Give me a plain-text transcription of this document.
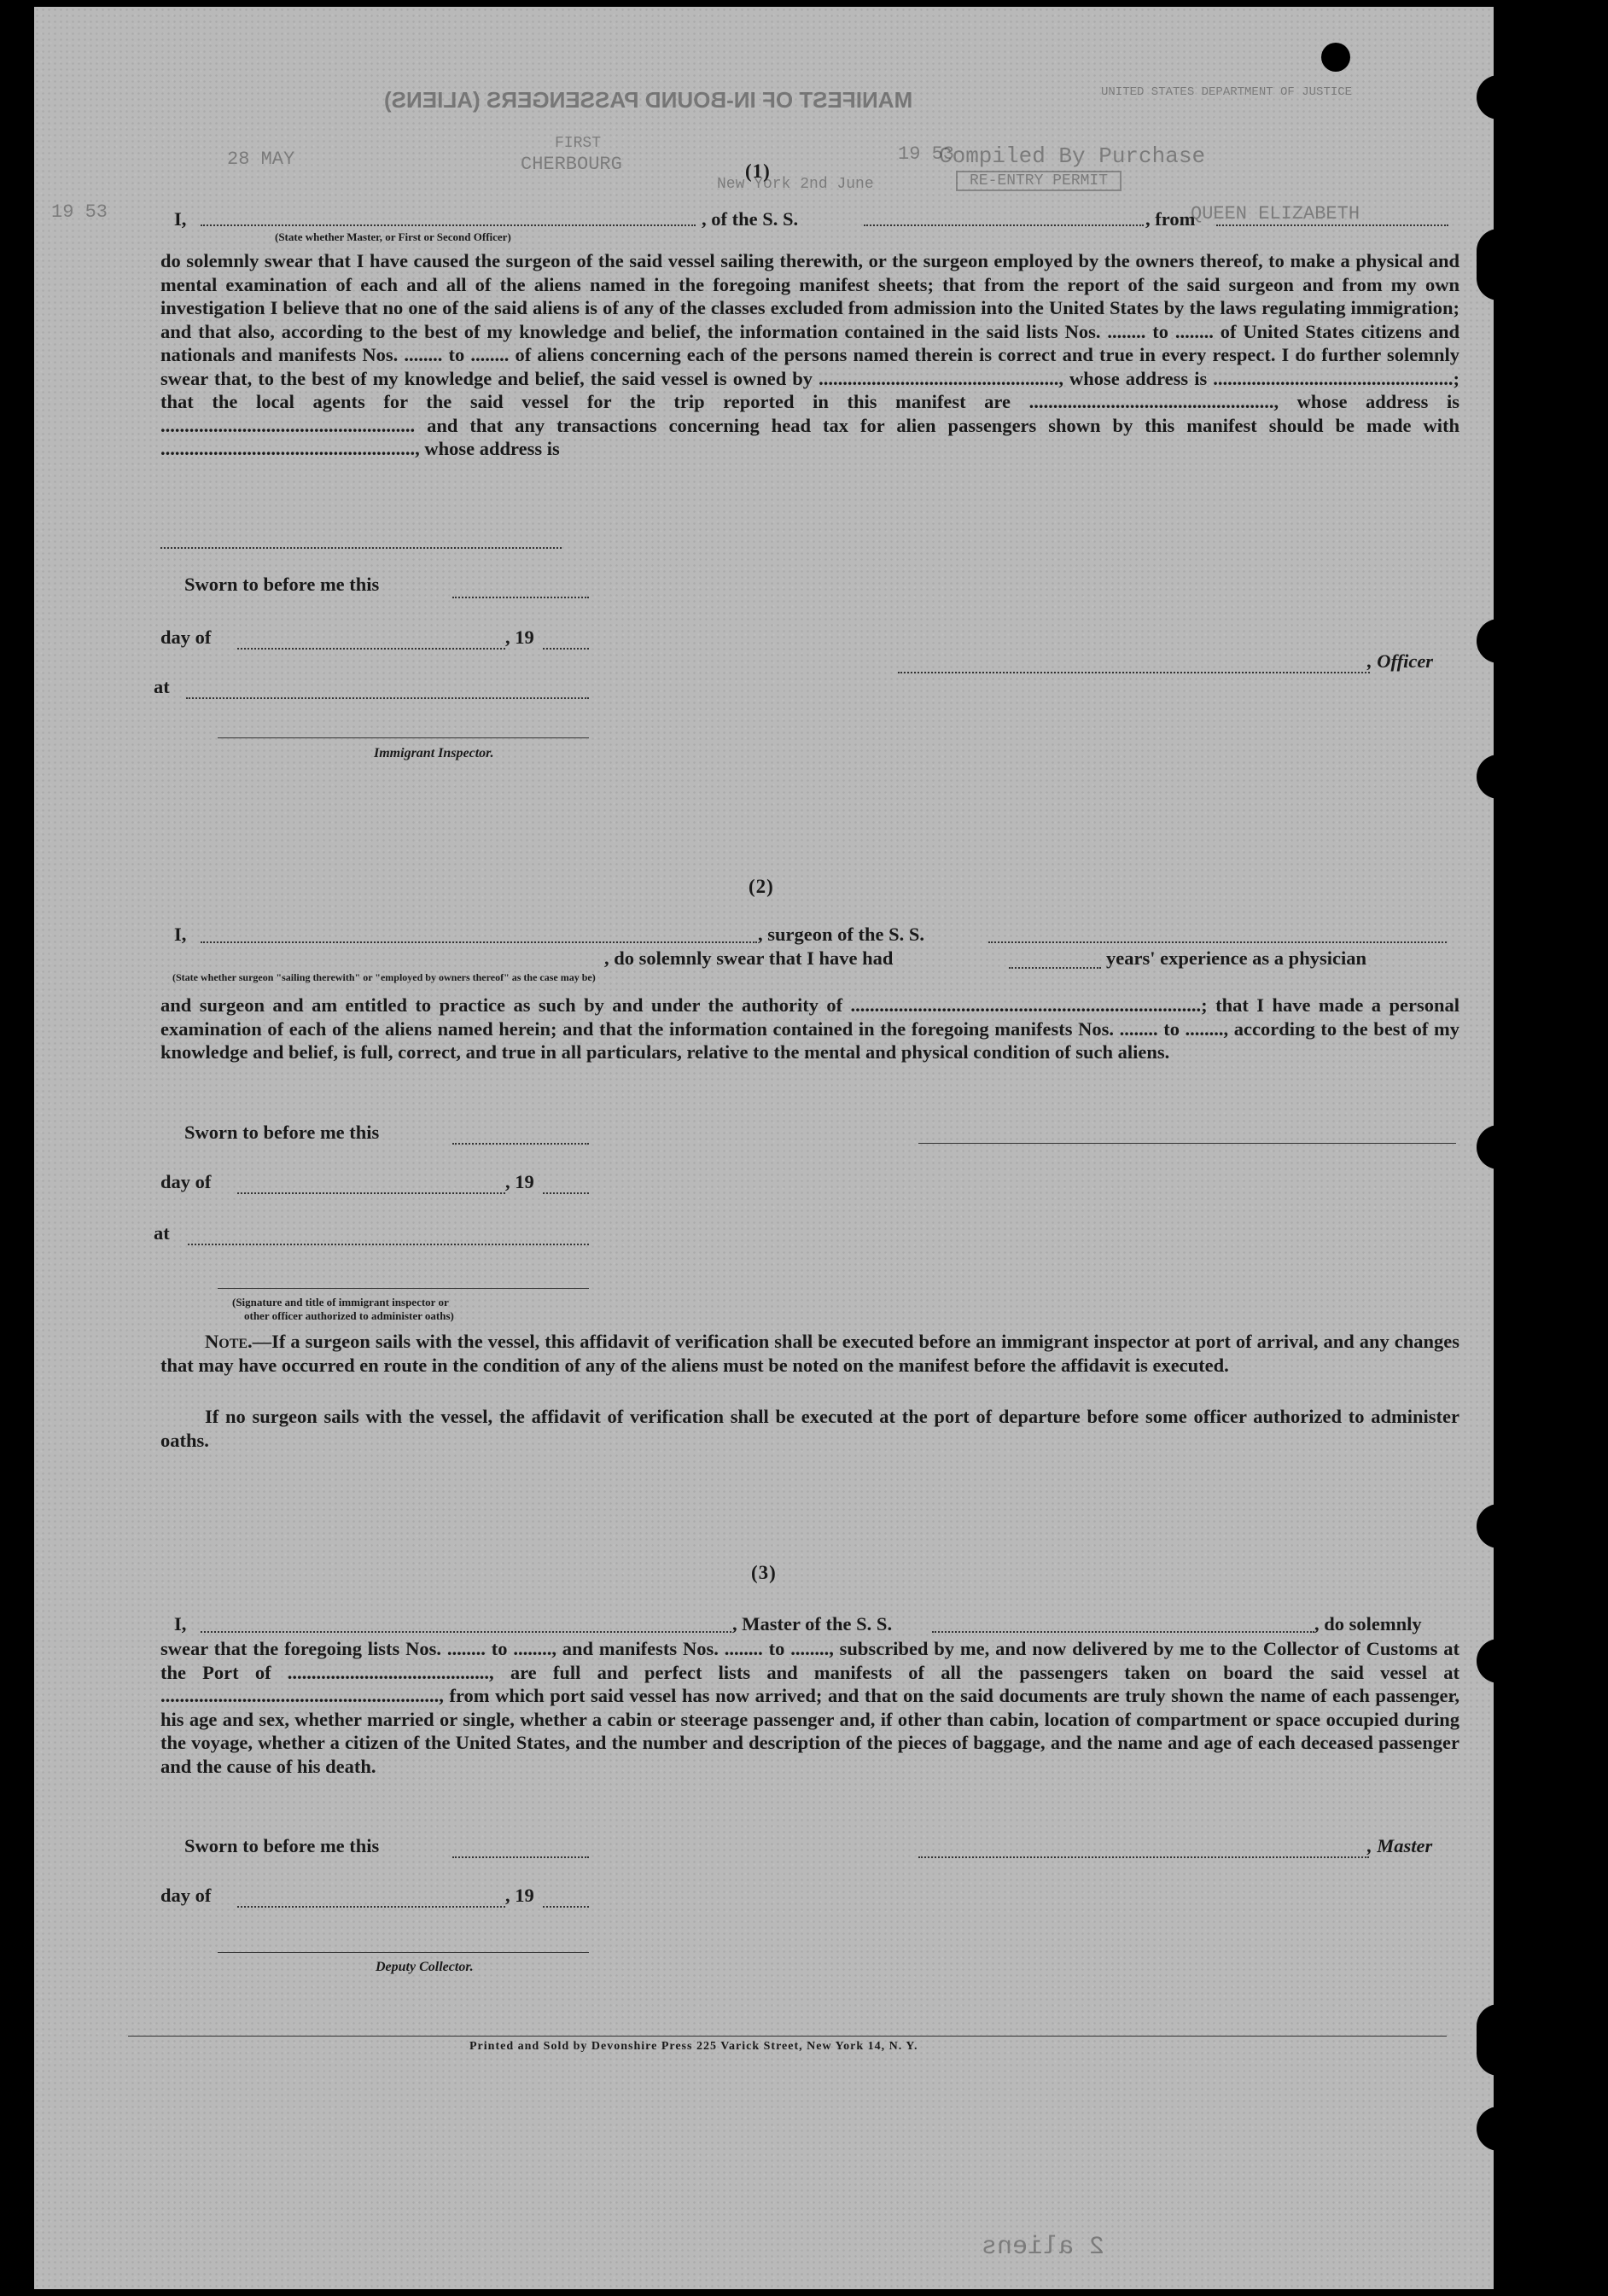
MANIFEST OF IN-BOUND PASSENGERS (ALIENS)	UNITED STATES DEPARTMENT OF JUSTICE
FIRST
28 MAY	CHERBOURG	Compiled By Purchase
RE-ENTRY PERMIT
19 53
QUEEN ELIZABETH
New York 2nd June
19 53
(1)
I,	, of the S. S.	, from
(State whether Master, or First or Second Officer)
do solemnly swear that I have caused the surgeon of the said vessel sailing therewith, or the surgeon employed by the owners thereof, to make a physical and mental examination of each and all of the aliens named in the foregoing manifest sheets; that from the report of the said surgeon and from my own investigation I believe that no one of the said aliens is of any of the classes excluded from admission into the United States by the laws regulating immigration; and that also, according to the best of my knowledge and belief, the information contained in the said lists Nos. ........ to ........ of United States citizens and nationals and manifests Nos. ........ to ........ of aliens concerning each of the persons named therein is correct and true in every respect. I do further solemnly swear that, to the best of my knowledge and belief, the said vessel is owned by .................................................., whose address is ..................................................; that the local agents for the said vessel for the trip reported in this manifest are ..................................................., whose address is ..................................................... and that any transactions concerning head tax for alien passengers shown by this manifest should be made with ....................................................., whose address is
Sworn to before me this
day of	, 19
at
Immigrant Inspector.
, Officer
(2)
I,	, surgeon of the S. S.
, do solemnly swear that I have had	years' experience as a physician
(State whether surgeon "sailing therewith" or "employed by owners thereof" as the case may be)
and surgeon and am entitled to practice as such by and under the authority of .........................................................................; that I have made a personal examination of each of the aliens named herein; and that the information contained in the foregoing manifests Nos. ........ to ........, according to the best of my knowledge and belief, is full, correct, and true in all particulars, relative to the mental and physical condition of such aliens.
Sworn to before me this
day of	, 19
at
(Signature and title of immigrant inspector or
other officer authorized to administer oaths)
Note.—If a surgeon sails with the vessel, this affidavit of verification shall be executed before an immigrant inspector at port of arrival, and any changes that may have occurred en route in the condition of any of the aliens must be noted on the manifest before the affidavit is executed.
If no surgeon sails with the vessel, the affidavit of verification shall be executed at the port of departure before some officer authorized to administer oaths.
(3)
I,	, Master of the S. S.	, do solemnly
swear that the foregoing lists Nos. ........ to ........, and manifests Nos. ........ to ........, subscribed by me, and now delivered by me to the Collector of Customs at the Port of .........................................., are full and perfect lists and manifests of all the passengers taken on board the said vessel at .........................................................., from which port said vessel has now arrived; and that on the said documents are truly shown the name of each passenger, his age and sex, whether married or single, whether a cabin or steerage passenger and, if other than cabin, location of compartment or space occupied during the voyage, whether a citizen of the United States, and the number and description of the pieces of baggage, and the name and age of each deceased passenger and the cause of his death.
Sworn to before me this	, Master
day of	, 19
Deputy Collector.
Printed and Sold by Devonshire Press 225 Varick Street, New York 14, N. Y.
2 aliens
